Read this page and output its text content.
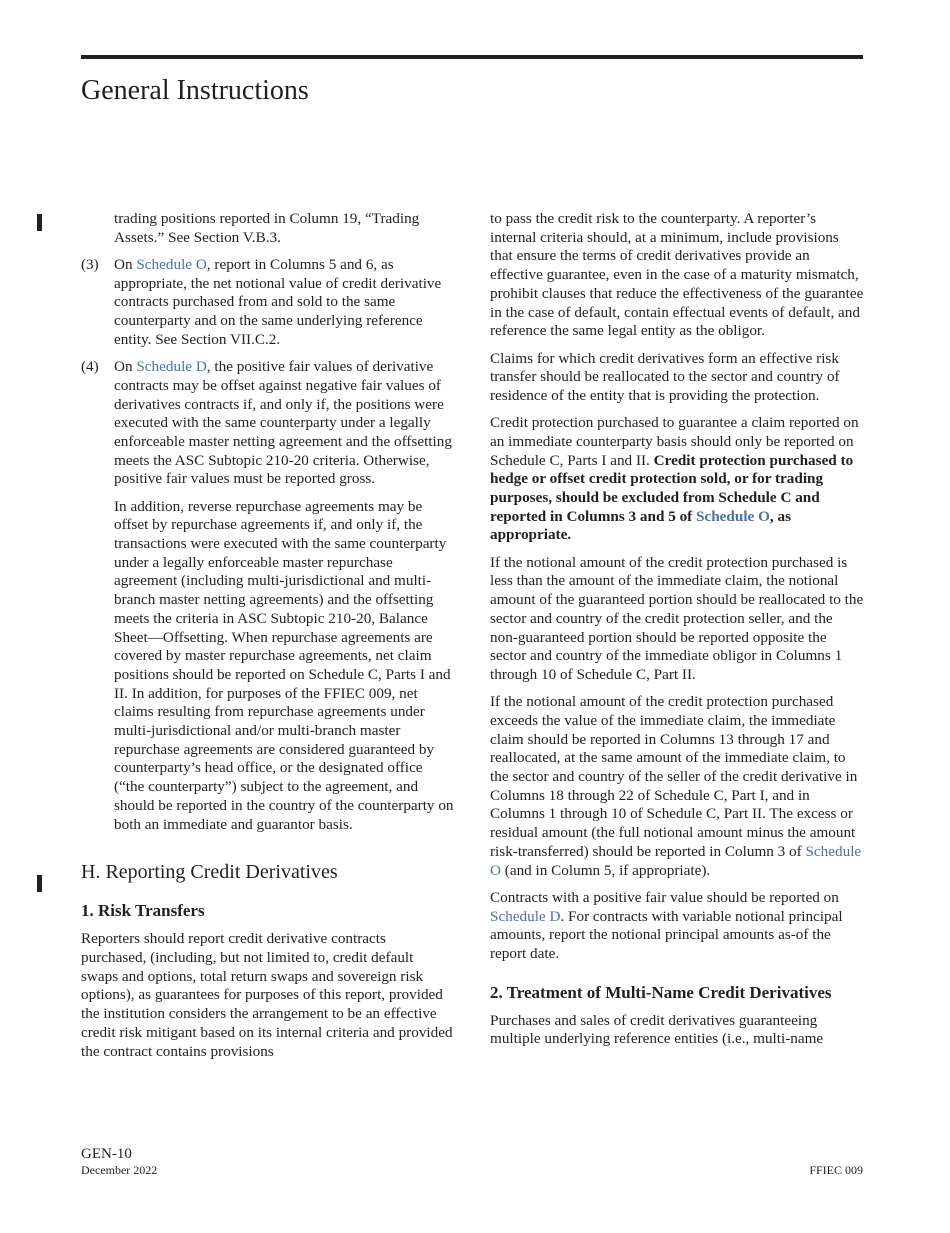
General Instructions

trading positions reported in Column 19, “Trading Assets.” See Section V.B.3.

(3) On Schedule O, report in Columns 5 and 6, as appropriate, the net notional value of credit derivative contracts purchased from and sold to the same counterparty and on the same underlying reference entity. See Section VII.C.2.
(4) On Schedule D, the positive fair values of derivative contracts may be offset against negative fair values of derivatives contracts if, and only if, the positions were executed with the same counterparty under a legally enforceable master netting agreement and the offsetting meets the ASC Subtopic 210-20 criteria. Otherwise, positive fair values must be reported gross.

In addition, reverse repurchase agreements may be offset by repurchase agreements if, and only if, the transactions were executed with the same counterparty under a legally enforceable master repurchase agreement (including multi-jurisdictional and multi-branch master netting agreements) and the offsetting meets the criteria in ASC Subtopic 210-20, Balance Sheet—Offsetting. When repurchase agreements are covered by master repurchase agreements, net claim positions should be reported on Schedule C, Parts I and II. In addition, for purposes of the FFIEC 009, net claims resulting from repurchase agreements under multi-jurisdictional and/or multi-branch master repurchase agreements are considered guaranteed by counterparty’s head office, or the designated office (“the counterparty”) subject to the agreement, and should be reported in the country of the counterparty on both an immediate and guarantor basis.

H. Reporting Credit Derivatives
1. Risk Transfers

Reporters should report credit derivative contracts purchased, (including, but not limited to, credit default swaps and options, total return swaps and sovereign risk options), as guarantees for purposes of this report, provided the institution considers the arrangement to be an effective credit risk mitigant based on its internal criteria and provided the contract contains provisions

to pass the credit risk to the counterparty. A reporter’s internal criteria should, at a minimum, include provisions that ensure the terms of credit derivatives provide an effective guarantee, even in the case of a maturity mismatch, prohibit clauses that reduce the effectiveness of the guarantee in the case of default, contain effectual events of default, and reference the same legal entity as the obligor.

Claims for which credit derivatives form an effective risk transfer should be reallocated to the sector and country of residence of the entity that is providing the protection.

Credit protection purchased to guarantee a claim reported on an immediate counterparty basis should only be reported on Schedule C, Parts I and II. Credit protection purchased to hedge or offset credit protection sold, or for trading purposes, should be excluded from Schedule C and reported in Columns 3 and 5 of Schedule O, as appropriate.

If the notional amount of the credit protection purchased is less than the amount of the immediate claim, the notional amount of the guaranteed portion should be reallocated to the sector and country of the credit protection seller, and the non-guaranteed portion should be reported opposite the sector and country of the immediate obligor in Columns 1 through 10 of Schedule C, Part II.

If the notional amount of the credit protection purchased exceeds the value of the immediate claim, the immediate claim should be reported in Columns 13 through 17 and reallocated, at the same amount of the immediate claim, to the sector and country of the seller of the credit derivative in Columns 18 through 22 of Schedule C, Part I, and in Columns 1 through 10 of Schedule C, Part II. The excess or residual amount (the full notional amount minus the amount risk-transferred) should be reported in Column 3 of Schedule O (and in Column 5, if appropriate).

Contracts with a positive fair value should be reported on Schedule D. For contracts with variable notional principal amounts, report the notional principal amounts as-of the report date.

2. Treatment of Multi-Name Credit Derivatives

Purchases and sales of credit derivatives guaranteeing multiple underlying reference entities (i.e., multi-name

GEN-10
December 2022	FFIEC 009
